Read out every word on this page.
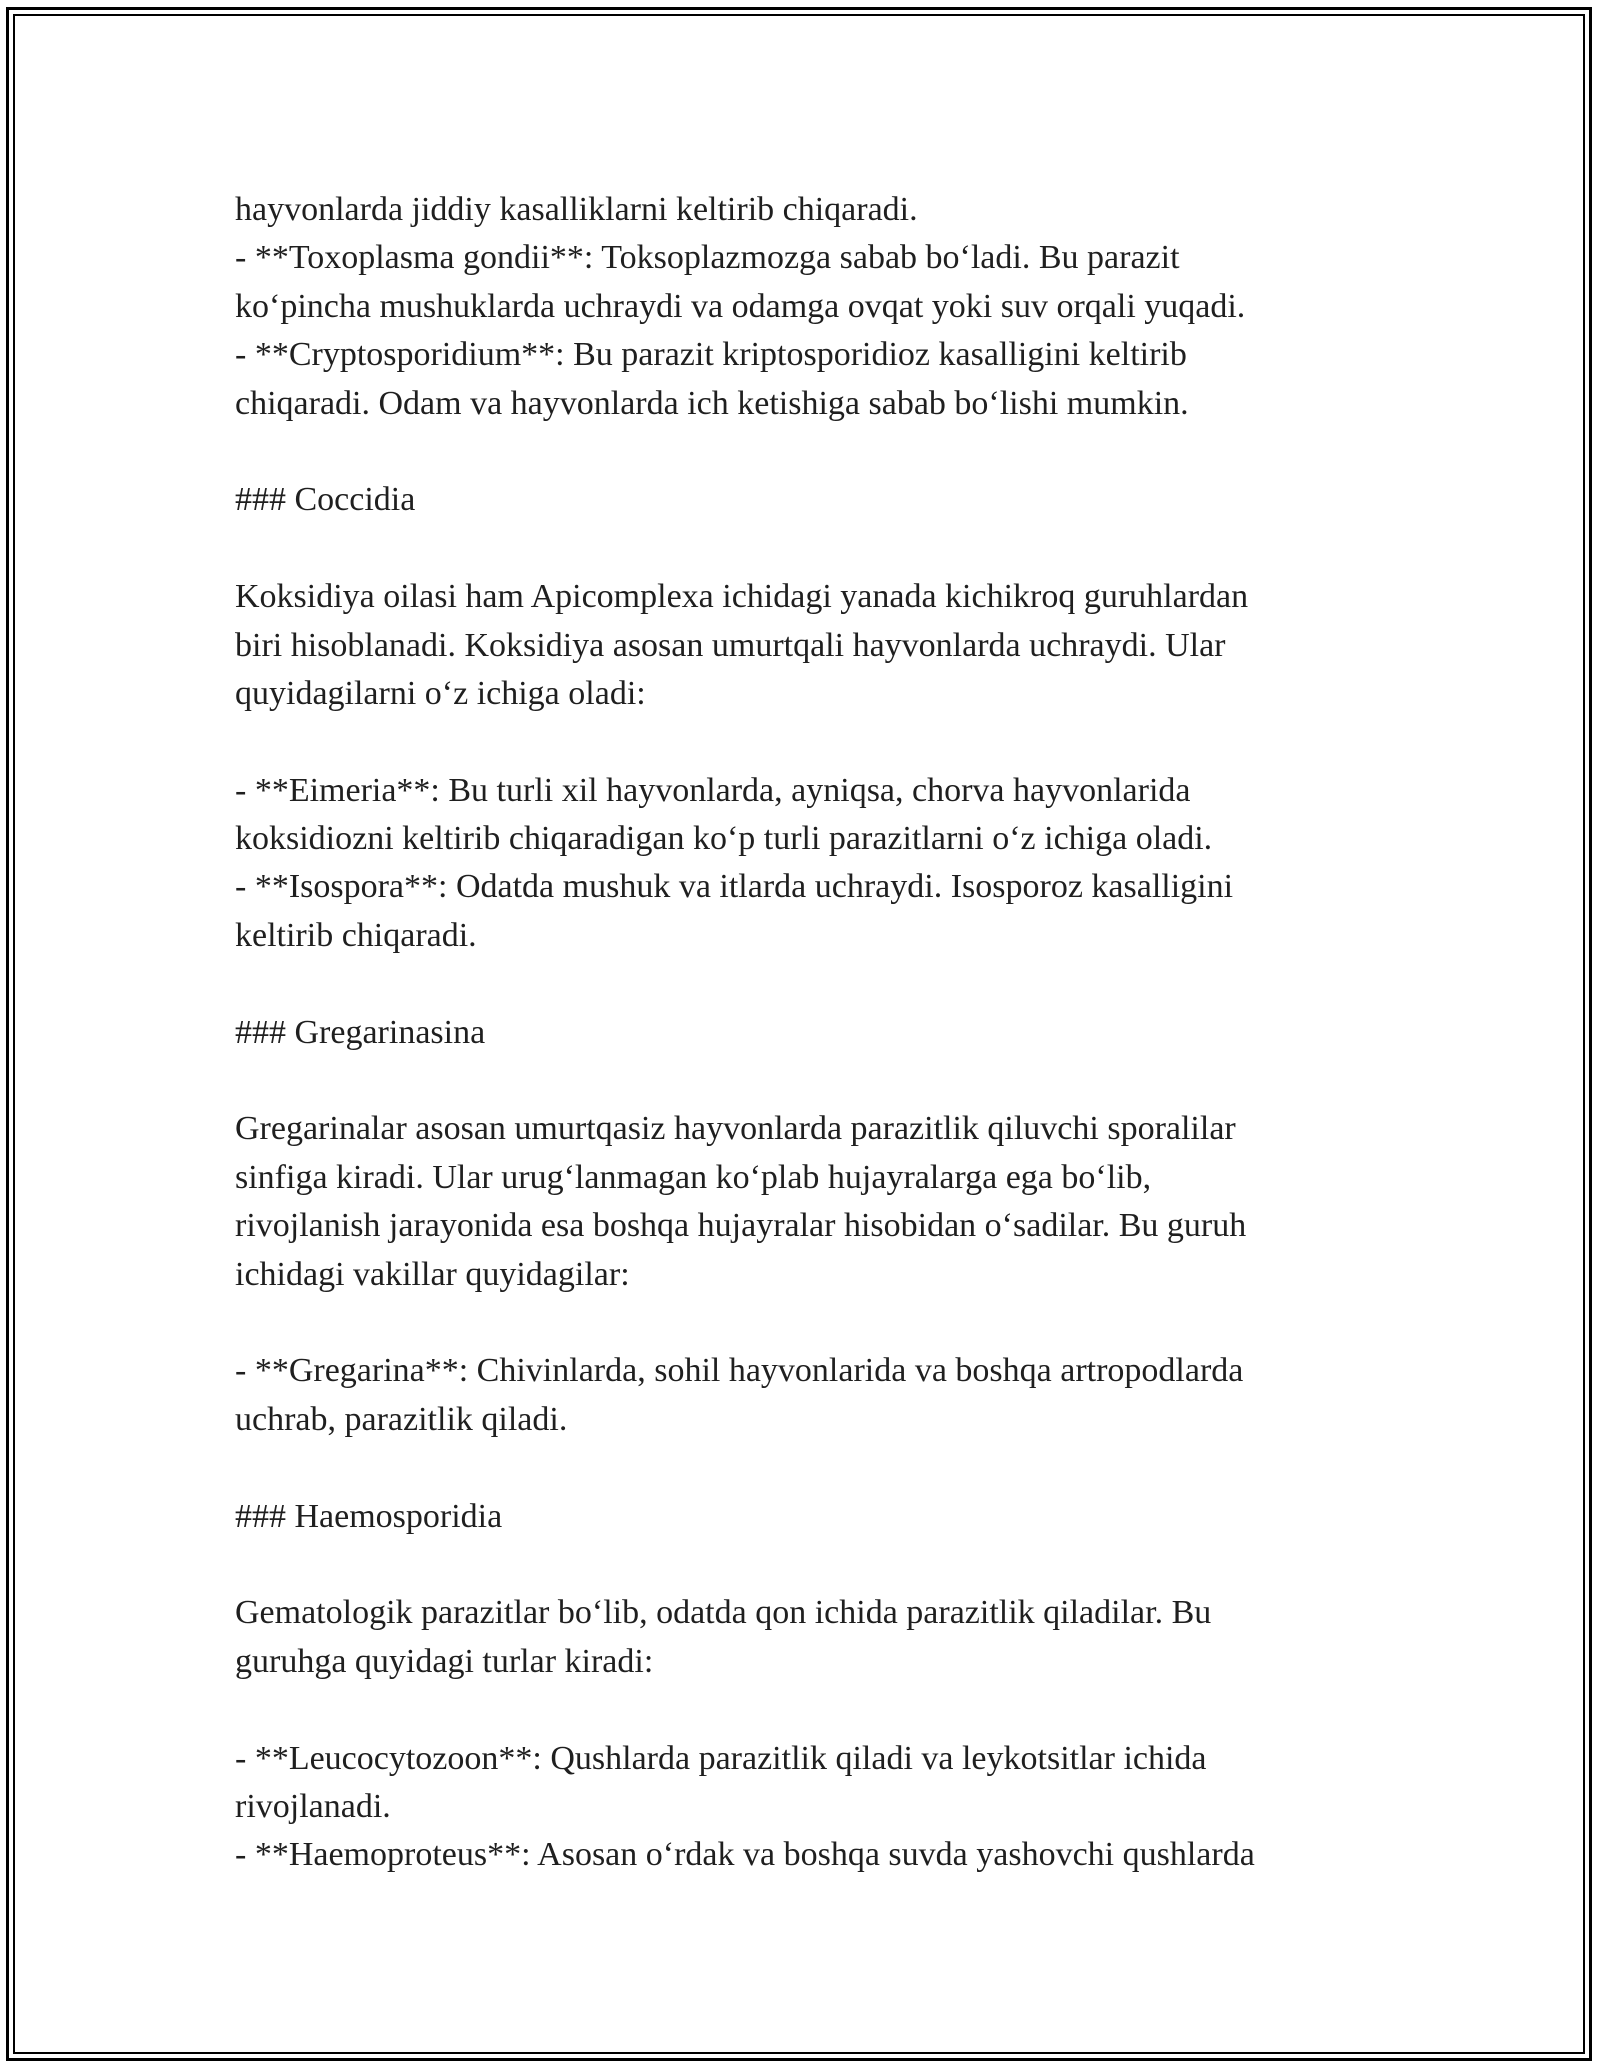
hayvonlarda jiddiy kasalliklarni keltirib chiqaradi.
- **Toxoplasma gondii**: Toksoplazmozga sabab bo‘ladi. Bu parazit
ko‘pincha mushuklarda uchraydi va odamga ovqat yoki suv orqali yuqadi.
- **Cryptosporidium**: Bu parazit kriptosporidioz kasalligini keltirib
chiqaradi. Odam va hayvonlarda ich ketishiga sabab bo‘lishi mumkin.
### Coccidia
Koksidiya oilasi ham Apicomplexa ichidagi yanada kichikroq guruhlardan
biri hisoblanadi. Koksidiya asosan umurtqali hayvonlarda uchraydi. Ular
quyidagilarni o‘z ichiga oladi:
- **Eimeria**: Bu turli xil hayvonlarda, ayniqsa, chorva hayvonlarida
koksidiozni keltirib chiqaradigan ko‘p turli parazitlarni o‘z ichiga oladi.
- **Isospora**: Odatda mushuk va itlarda uchraydi. Isosporoz kasalligini
keltirib chiqaradi.
### Gregarinasina
Gregarinalar asosan umurtqasiz hayvonlarda parazitlik qiluvchi sporalilar
sinfiga kiradi. Ular urug‘lanmagan ko‘plab hujayralarga ega bo‘lib,
rivojlanish jarayonida esa boshqa hujayralar hisobidan o‘sadilar. Bu guruh
ichidagi vakillar quyidagilar:
- **Gregarina**: Chivinlarda, sohil hayvonlarida va boshqa artropodlarda
uchrab, parazitlik qiladi.
### Haemosporidia
Gematologik parazitlar bo‘lib, odatda qon ichida parazitlik qiladilar. Bu
guruhga quyidagi turlar kiradi:
- **Leucocytozoon**: Qushlarda parazitlik qiladi va leykotsitlar ichida
rivojlanadi.
- **Haemoproteus**: Asosan o‘rdak va boshqa suvda yashovchi qushlarda
